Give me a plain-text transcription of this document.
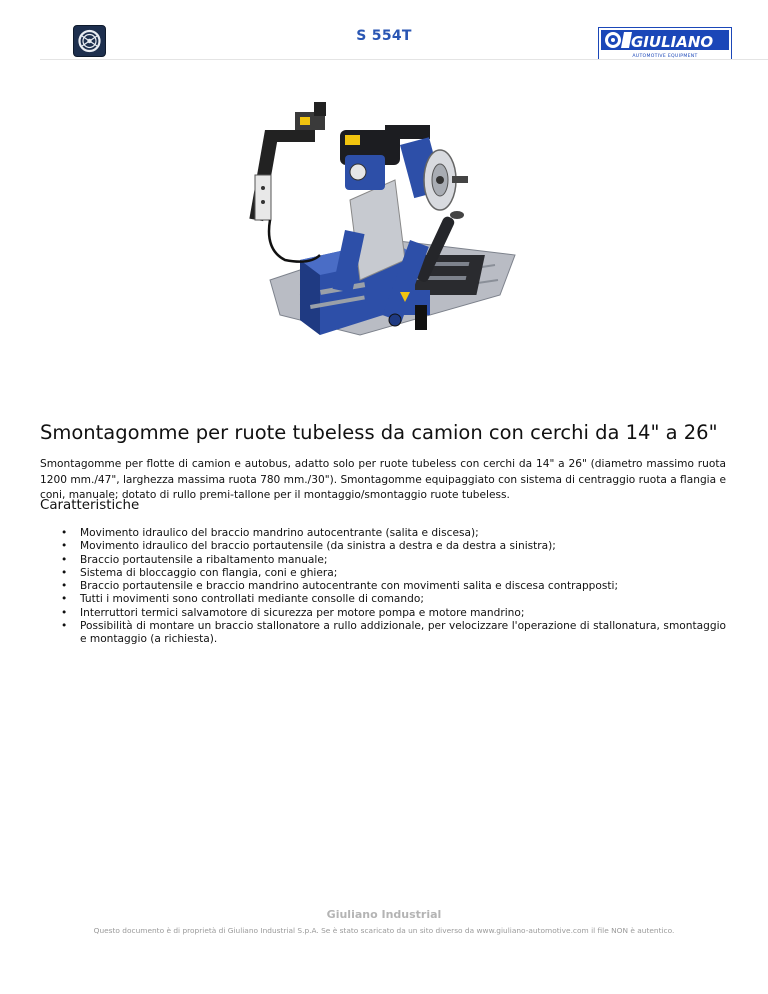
S 554T	GIULIANO
AUTOMOTIVE EQUIPMENT
Smontagomme per ruote tubeless da camion con cerchi da 14" a 26"

Smontagomme per flotte di camion e autobus, adatto solo per ruote tubeless con cerchi da 14" a 26" (diametro massimo ruota 1200 mm./47", larghezza massima ruota 780 mm./30"). Smontagomme equipaggiato con sistema di centraggio ruota a flangia e coni, manuale; dotato di rullo premi-tallone per il montaggio/smontaggio ruote tubeless.

Caratteristiche
• Movimento idraulico del braccio mandrino autocentrante (salita e discesa);
• Movimento idraulico del braccio portautensile (da sinistra a destra e da destra a sinistra);
• Braccio portautensile a ribaltamento manuale;
• Sistema di bloccaggio con flangia, coni e ghiera;
• Braccio portautensile e braccio mandrino autocentrante con movimenti salita e discesa contrapposti;
• Tutti i movimenti sono controllati mediante consolle di comando;
• Interruttori termici salvamotore di sicurezza per motore pompa e motore mandrino;
• Possibilità di montare un braccio stallonatore a rullo addizionale, per velocizzare l'operazione di stallonatura, smontaggio e montaggio (a richiesta).
Giuliano Industrial
Questo documento è di proprietà di Giuliano Industrial S.p.A. Se è stato scaricato da un sito diverso da www.giuliano-automotive.com il file NON è autentico.
